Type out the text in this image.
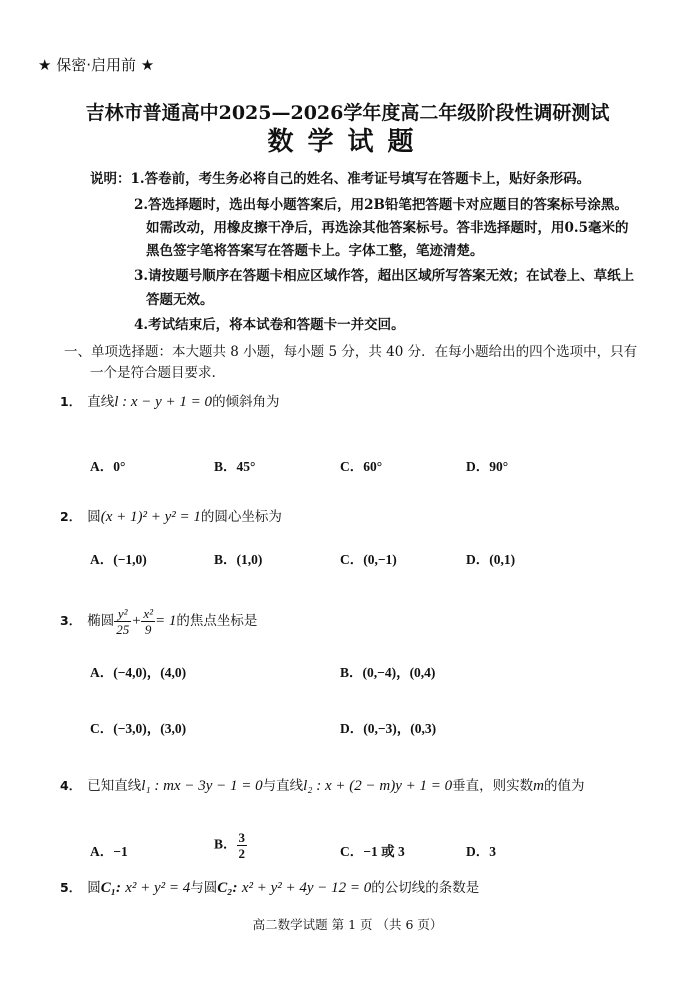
★ 保密·启用前 ★
吉林市普通高中2025—2026学年度高二年级阶段性调研测试
数学试题
说明：1.答卷前，考生务必将自己的姓名、准考证号填写在答题卡上，贴好条形码。
2.答选择题时，选出每小题答案后，用2B铅笔把答题卡对应题目的答案标号涂黑。
如需改动，用橡皮擦干净后，再选涂其他答案标号。答非选择题时，用0.5毫米的
黑色签字笔将答案写在答题卡上。字体工整，笔迹清楚。
3.请按题号顺序在答题卡相应区域作答，超出区域所写答案无效；在试卷上、草纸上
答题无效。
4.考试结束后，将本试卷和答题卡一并交回。
一、单项选择题：本大题共 8 小题，每小题 5 分，共 40 分．在每小题给出的四个选项中，只有
一个是符合题目要求.
1． 直线l : x − y + 1 = 0的倾斜角为
A．0°	B．45°	C．60°	D．90°
2． 圆(x + 1)² + y² = 1的圆心坐标为
A．(−1,0)	B．(1,0)	C．(0,−1)	D．(0,1)
3． 椭圆 $\frac{\text{y²}}{25} + \frac{\text{x²}}{9} = 1$的焦点坐标是
A．(−4,0)，(4,0)	B．(0,−4)，(0,4)
C．(−3,0)，(3,0)	D．(0,−3)，(0,3)
4． 已知直线l₁ : mx − 3y − 1 = 0与直线l₂ : x + (2 − m)y + 1 = 0垂直，则实数m的值为
A．−1	B． $\frac{3}{2}$	C．−1 或 3	D．3
5． 圆C₁: x² + y² = 4与圆C₂: x² + y² + 4y − 12 = 0的公切线的条数是
高二数学试题 第 1 页 （共 6 页）
